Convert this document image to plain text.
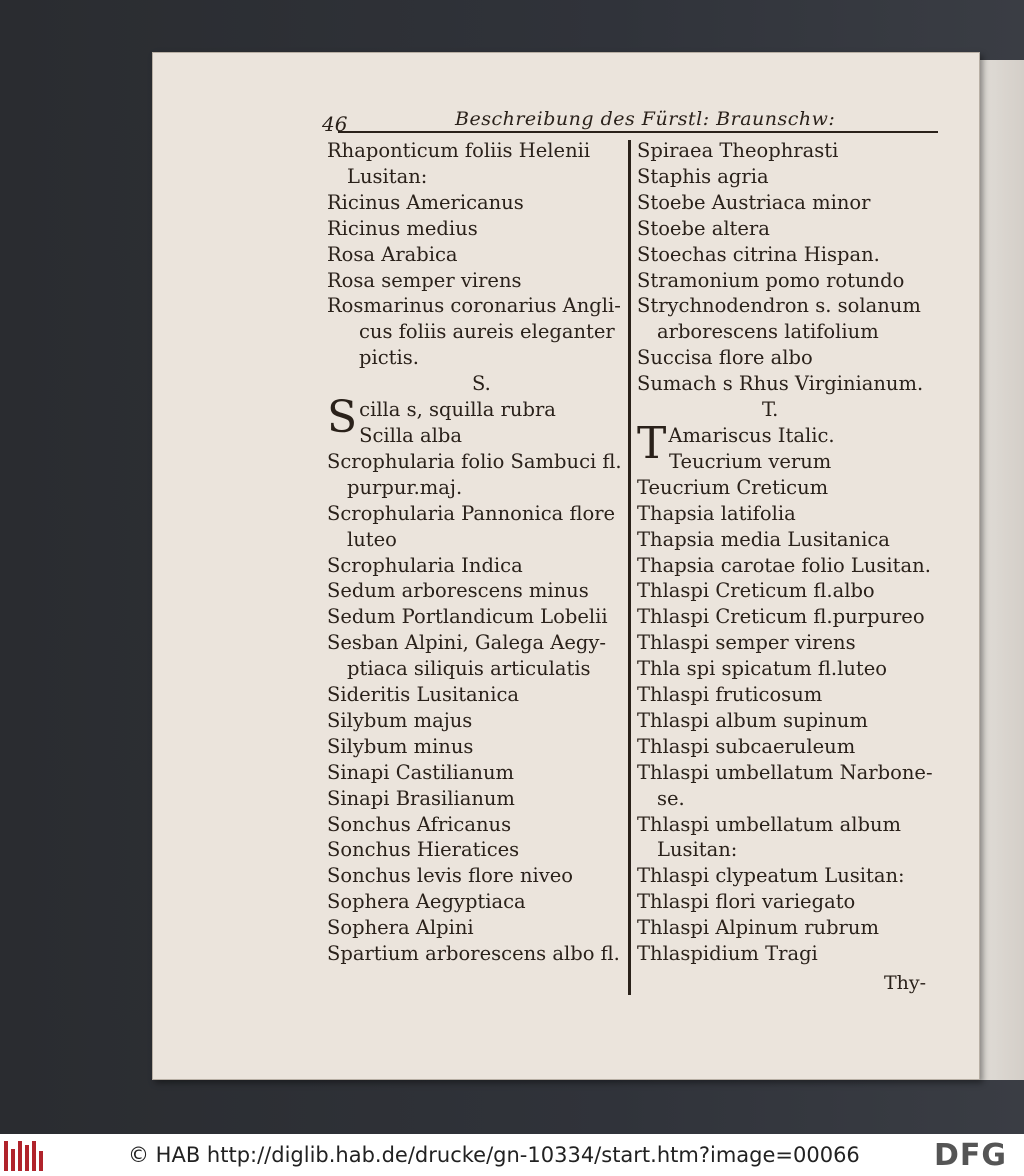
46	Beschreibung des Fürstl: Braunschw:
Rhaponticum foliis Helenii
Lusitan:
Ricinus Americanus
Ricinus medius
Rosa Arabica
Rosa semper virens
Rosmarinus coronarius Angli-
cus foliis aureis eleganter
pictis.
S.
Scilla s, squilla rubra
Scilla alba
Scrophularia folio Sambuci fl.
purpur.maj.
Scrophularia Pannonica flore
luteo
Scrophularia Indica
Sedum arborescens minus
Sedum Portlandicum Lobelii
Sesban Alpini, Galega Aegy-
ptiaca siliquis articulatis
Sideritis Lusitanica
Silybum majus
Silybum minus
Sinapi Castilianum
Sinapi Brasilianum
Sonchus Africanus
Sonchus Hieratices
Sonchus levis flore niveo
Sophera Aegyptiaca
Sophera Alpini
Spartium arborescens albo fl.
Spiraea Theophrasti
Staphis agria
Stoebe Austriaca minor
Stoebe altera
Stoechas citrina Hispan.
Stramonium pomo rotundo
Strychnodendron s. solanum
arborescens latifolium
Succisa flore albo
Sumach s Rhus Virginianum.
T.
T Amariscus Italic.
Teucrium verum
Teucrium Creticum
Thapsia latifolia
Thapsia media Lusitanica
Thapsia carotae folio Lusitan.
Thlaspi Creticum fl.albo
Thlaspi Creticum fl.purpureo
Thlaspi semper virens
Thla spi spicatum fl.luteo
Thlaspi fruticosum
Thlaspi album supinum
Thlaspi subcaeruleum
Thlaspi umbellatum Narbone-
se.
Thlaspi umbellatum album
Lusitan:
Thlaspi clypeatum Lusitan:
Thlaspi flori variegato
Thlaspi Alpinum rubrum
Thlaspidium Tragi
Thy-
© HAB http://diglib.hab.de/drucke/gn-10334/start.htm?image=00066 DFG
